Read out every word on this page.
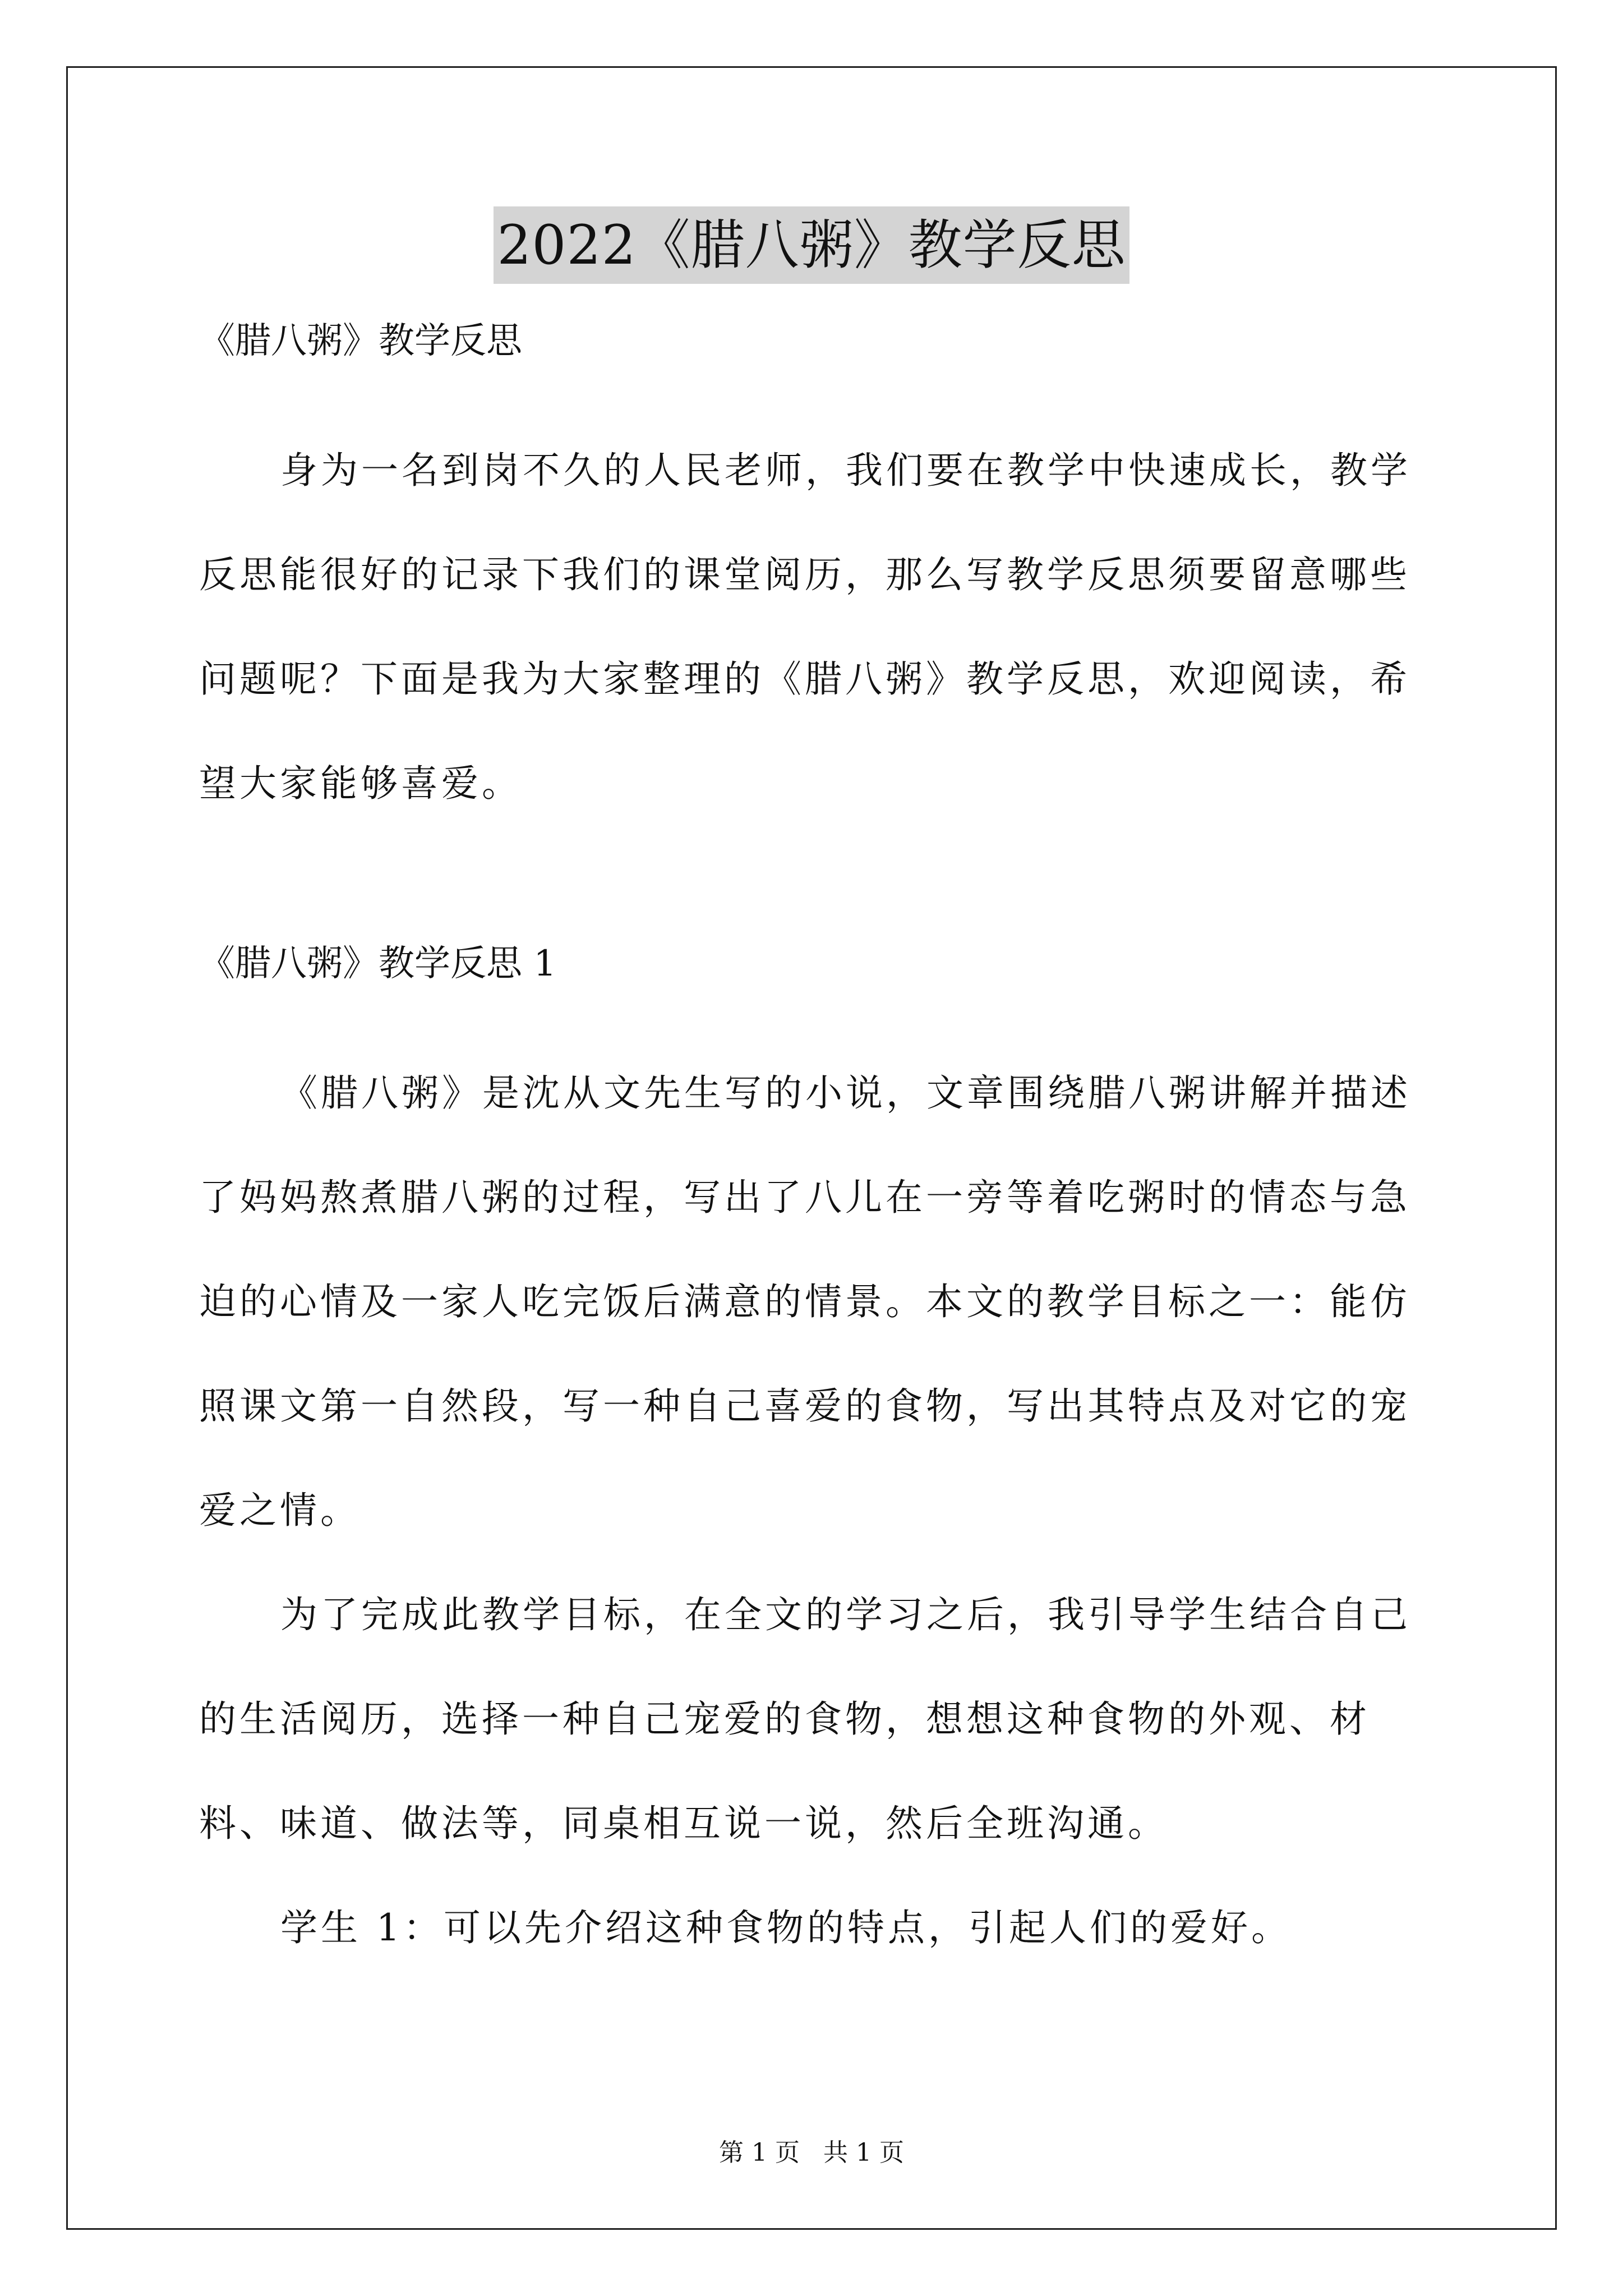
2022《腊八粥》教学反思

《腊八粥》教学反思

身为一名到岗不久的人民老师，我们要在教学中快速成长，教学反思能很好的记录下我们的课堂阅历，那么写教学反思须要留意哪些问题呢？下面是我为大家整理的《腊八粥》教学反思，欢迎阅读，希望大家能够喜爱。

《腊八粥》教学反思 1

《腊八粥》是沈从文先生写的小说，文章围绕腊八粥讲解并描述了妈妈熬煮腊八粥的过程，写出了八儿在一旁等着吃粥时的情态与急迫的心情及一家人吃完饭后满意的情景。本文的教学目标之一：能仿照课文第一自然段，写一种自己喜爱的食物，写出其特点及对它的宠爱之情。

为了完成此教学目标，在全文的学习之后，我引导学生结合自己的生活阅历，选择一种自己宠爱的食物，想想这种食物的外观、材料、味道、做法等，同桌相互说一说，然后全班沟通。

学生 1：可以先介绍这种食物的特点，引起人们的爱好。

第 1 页 共 1 页
